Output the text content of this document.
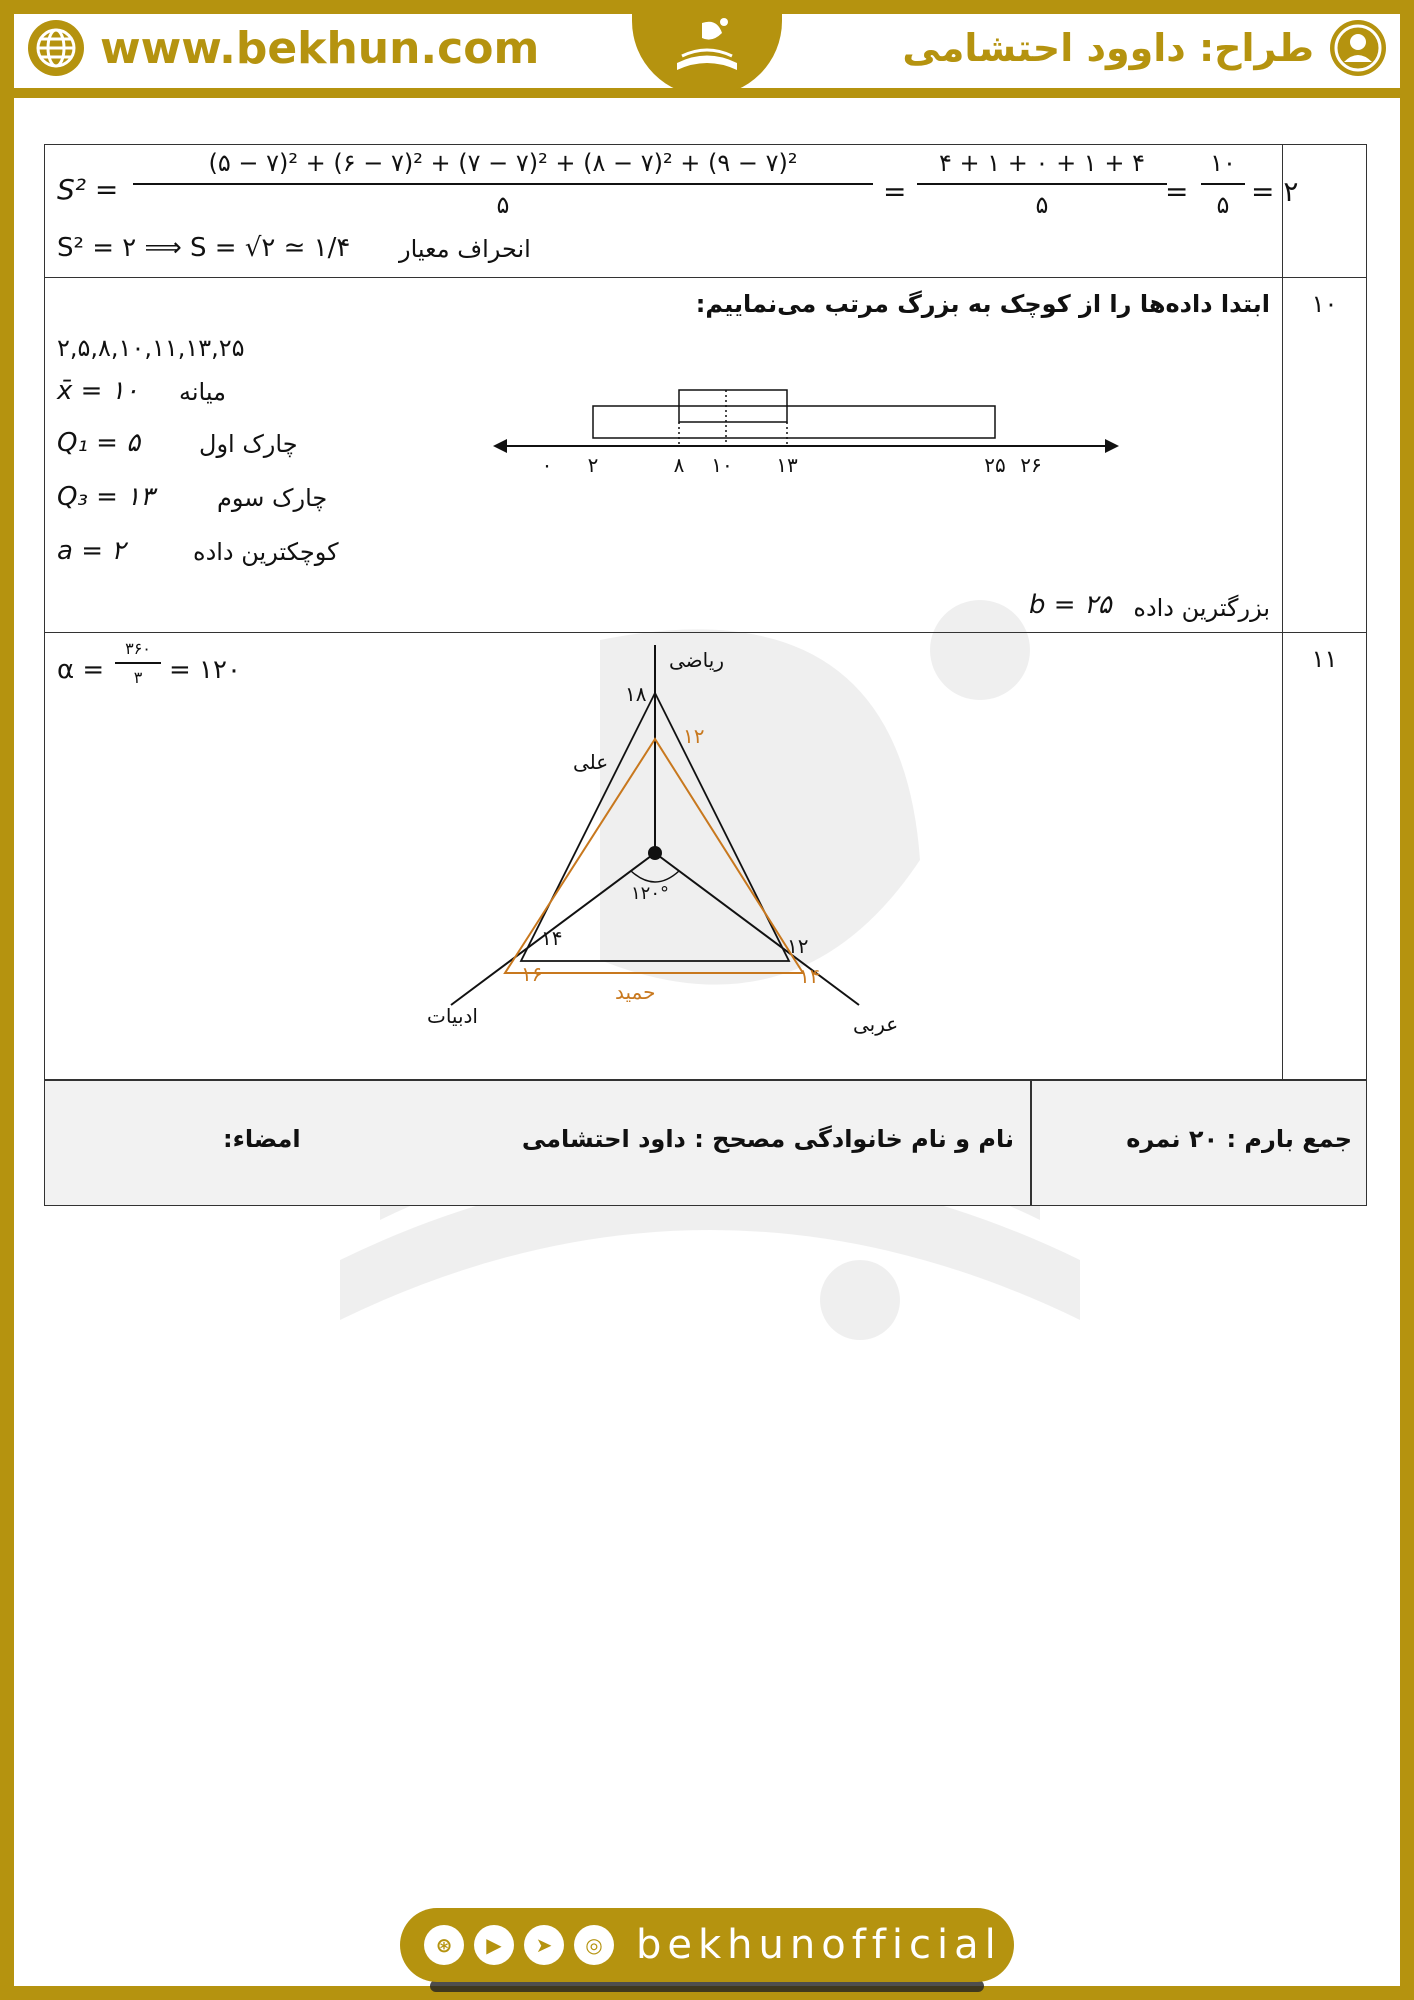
www.bekhun.com	طراح: داوود احتشامی
S² =
(۵ − ۷)² + (۶ − ۷)² + (۷ − ۷)² + (۸ − ۷)² + (۹ − ۷)²
۵	=
۴ + ۱ + ۰ + ۱ + ۴
۵	=
۱۰
۵ = ۲
S² = ۲ ⟹ S = √۲ ≃ ۱/۴ انحراف معیار
۱۰
ابتدا داده‌ها را از کوچک به بزرگ مرتب می‌نماییم:
۲,۵,۸,۱۰,۱۱,۱۳,۲۵
x̄ = ۱۰ میانه
Q₁ = ۵ چارک اول
Q₃ = ۱۳	چارک سوم
a = ۲	کوچکترین داده
بزرگترین داده
b = ۲۵
۰ ۲	۸ ۱۰ ۱۳	۲۵ ۲۶
۱۱
α =
۳۶۰
۳	= ۱۲۰	ریاضی
ادبیات	عربی
۱۲۰°
علی
حمید
۱۸
۱۲
۱۴
۱۶
۱۲
۱۴
جمع بارم : ۲۰ نمره
نام و نام خانوادگی مصحح : داود احتشامی
امضاء:
⊛	▶	➤	◎ bekhunofficial
